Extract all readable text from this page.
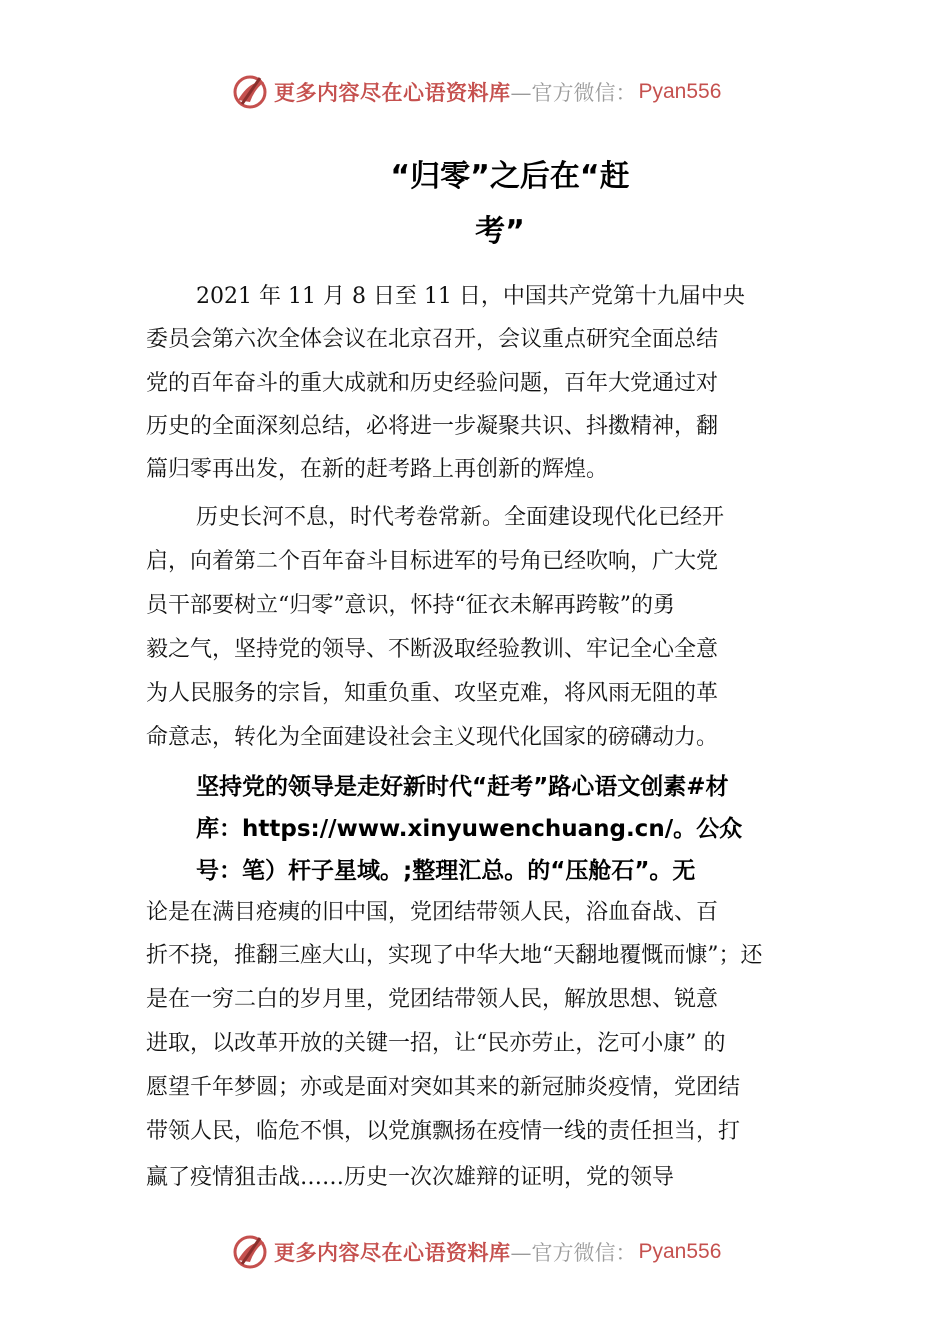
更多内容尽在心语资料库 —官方微信： Pyan556
“归零”之后在“赶
考”
2021 年 11 月 8 日至 11 日，中国共产党第十九届中央
委员会第六次全体会议在北京召开，会议重点研究全面总结
党的百年奋斗的重大成就和历史经验问题，百年大党通过对
历史的全面深刻总结，必将进一步凝聚共识、抖擞精神，翻
篇归零再出发，在新的赶考路上再创新的辉煌。
历史长河不息，时代考卷常新。全面建设现代化已经开
启，向着第二个百年奋斗目标进军的号角已经吹响，广大党
员干部要树立“归零”意识，怀持“征衣未解再跨鞍”的勇
毅之气，坚持党的领导、不断汲取经验教训、牢记全心全意
为人民服务的宗旨，知重负重、攻坚克难，将风雨无阻的革
命意志，转化为全面建设社会主义现代化国家的磅礴动力。
坚持党的领导是走好新时代“赶考”路心语文创素#材
库：https://www.xinyuwenchuang.cn/。公众
号：笔）杆子星域。;整理汇总。的“压舱石”。无
论是在满目疮痍的旧中国，党团结带领人民，浴血奋战、百
折不挠，推翻三座大山，实现了中华大地“天翻地覆慨而慷”；还
是在一穷二白的岁月里，党团结带领人民，解放思想、锐意
进取，以改革开放的关键一招，让“民亦劳止，汔可小康” 的
愿望千年梦圆；亦或是面对突如其来的新冠肺炎疫情，党团结
带领人民，临危不惧，以党旗飘扬在疫情一线的责任担当，打
赢了疫情狙击战……历史一次次雄辩的证明，党的领导
更多内容尽在心语资料库 —官方微信： Pyan556
